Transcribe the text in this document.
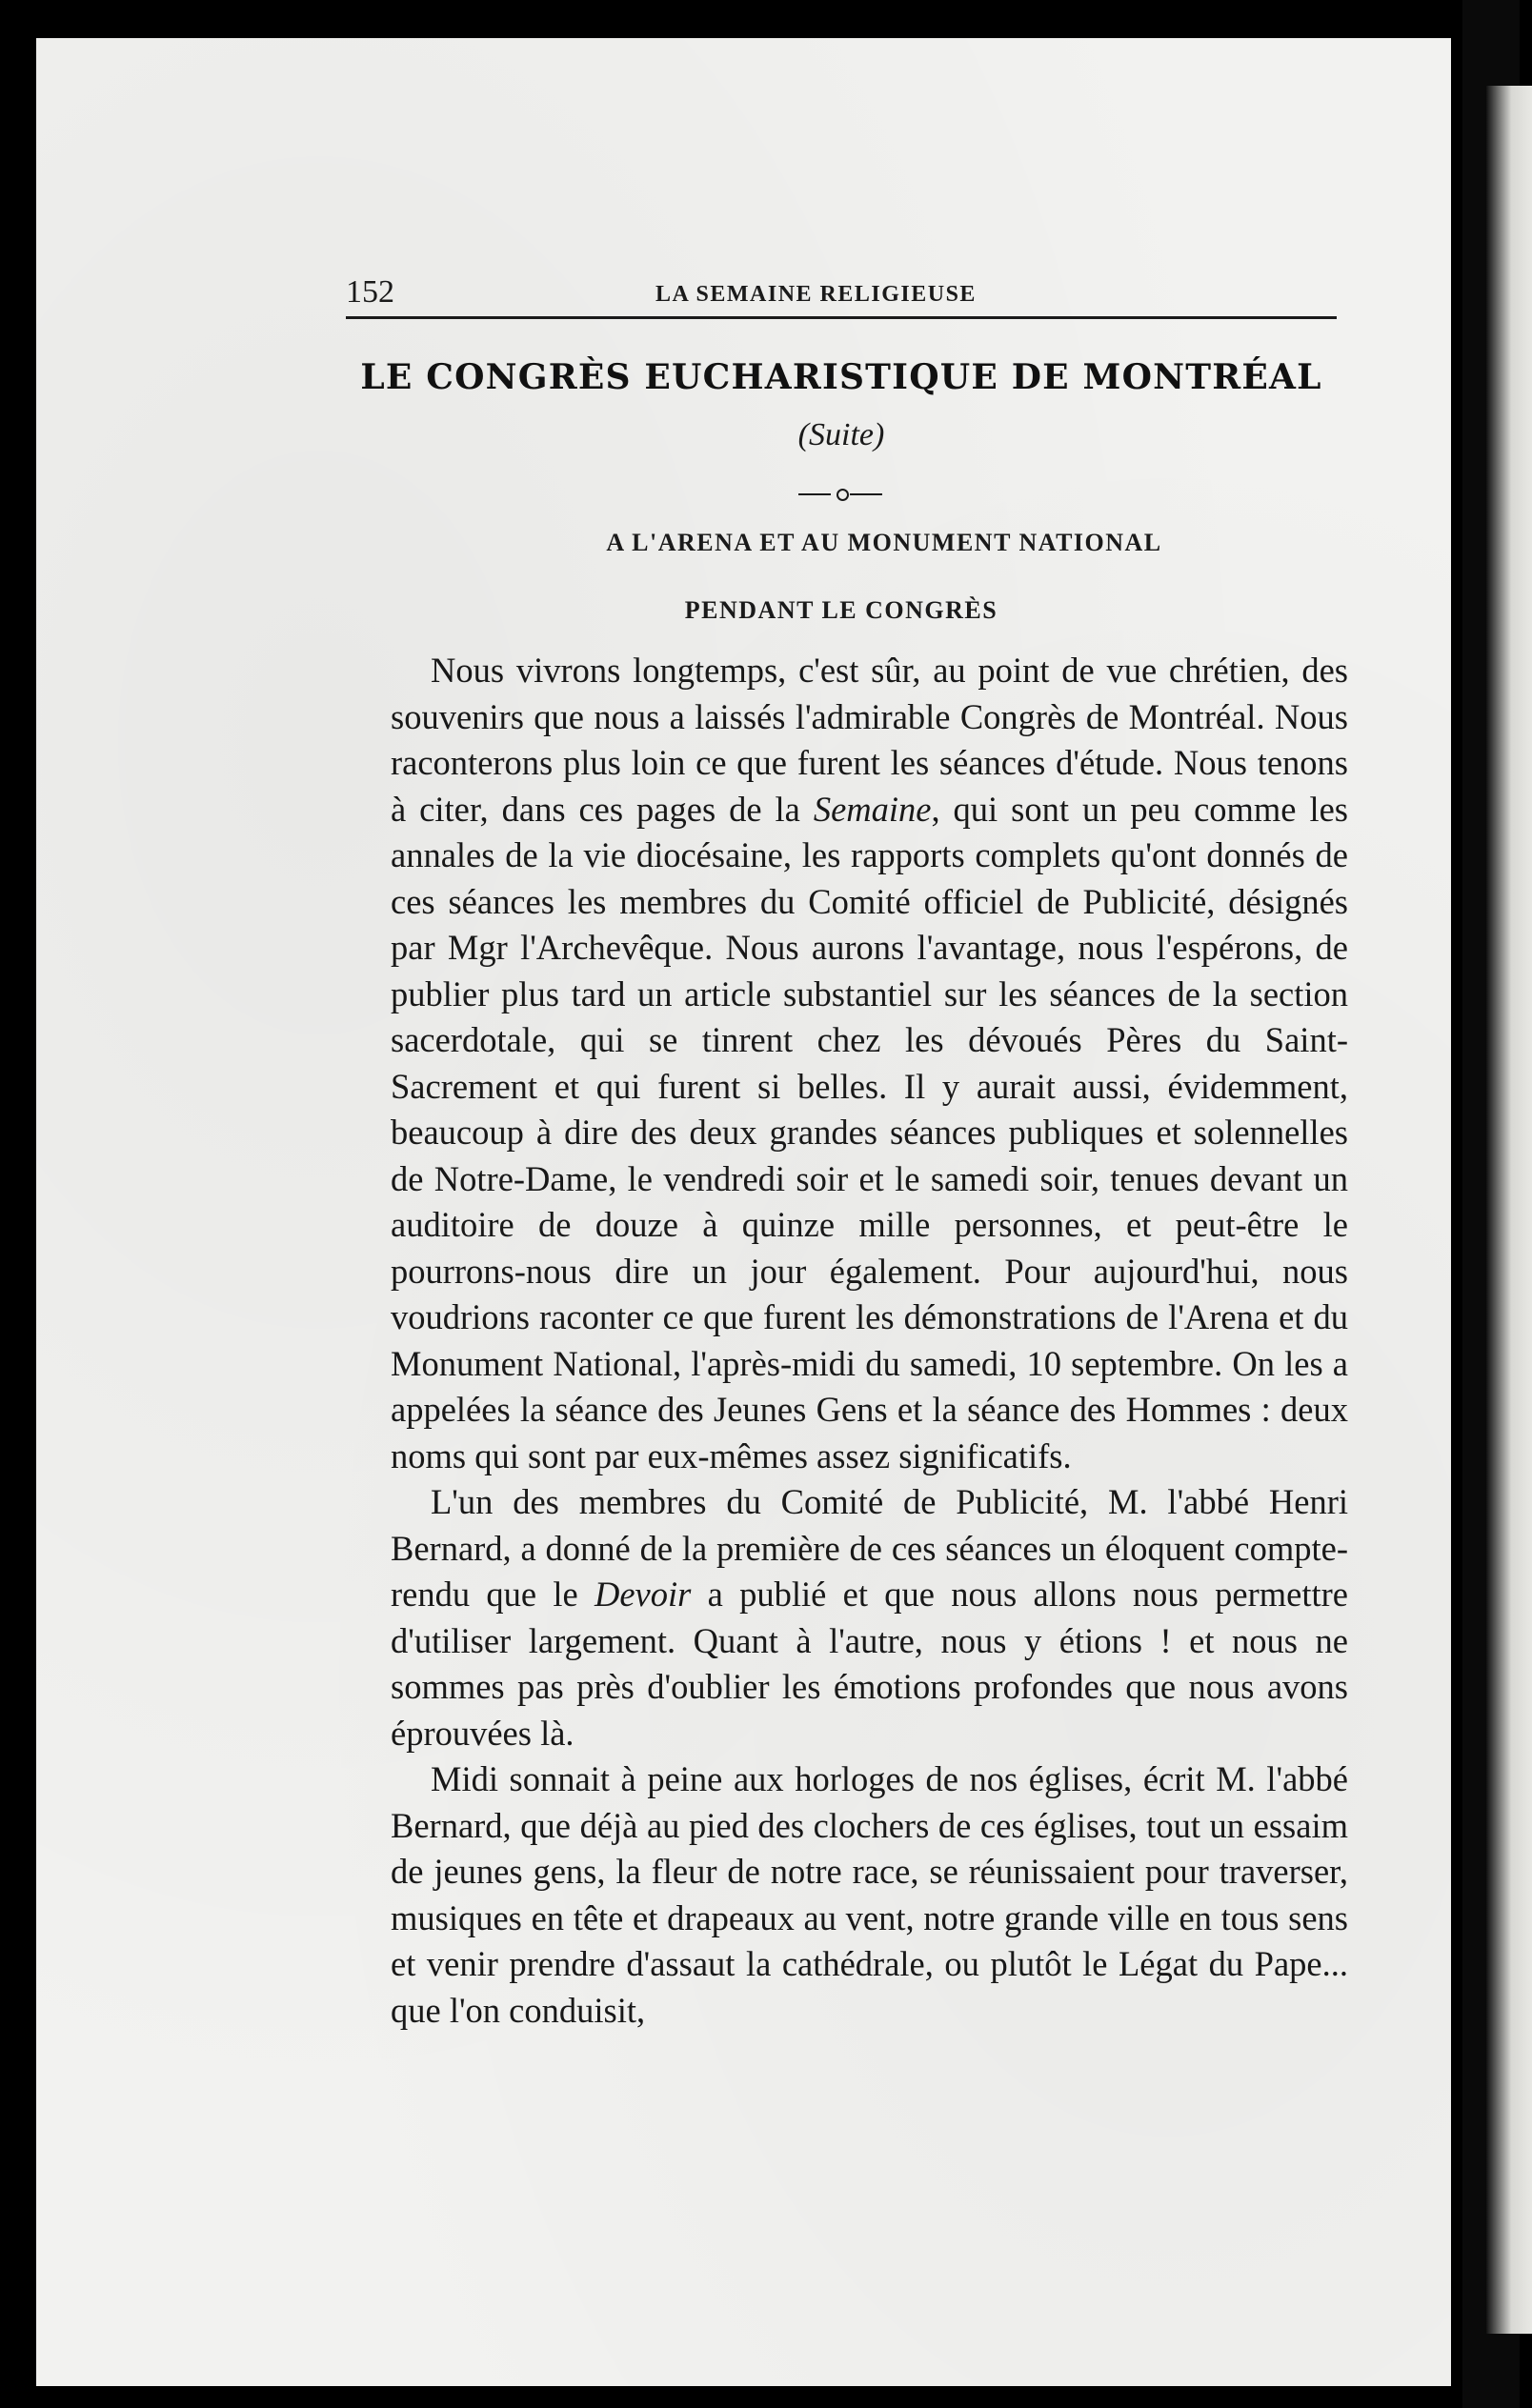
152	LA SEMAINE RELIGIEUSE
LE CONGRÈS EUCHARISTIQUE DE MONTRÉAL
(Suite)
A L'ARENA ET AU MONUMENT NATIONAL
PENDANT LE CONGRÈS

Nous vivrons longtemps, c'est sûr, au point de vue chrétien, des souvenirs que nous a laissés l'admirable Congrès de Montréal. Nous raconterons plus loin ce que furent les séances d'étude. Nous tenons à citer, dans ces pages de la Semaine, qui sont un peu comme les annales de la vie diocésaine, les rapports complets qu'ont donnés de ces séances les membres du Comité officiel de Publicité, désignés par Mgr l'Archevêque. Nous aurons l'avantage, nous l'espérons, de publier plus tard un article substantiel sur les séances de la section sacerdotale, qui se tinrent chez les dévoués Pères du Saint-Sacrement et qui furent si belles. Il y aurait aussi, évidemment, beaucoup à dire des deux grandes séances publiques et solennelles de Notre-Dame, le vendredi soir et le samedi soir, tenues devant un auditoire de douze à quinze mille personnes, et peut-être le pourrons-nous dire un jour également. Pour aujourd'hui, nous voudrions raconter ce que furent les démonstrations de l'Arena et du Monument National, l'après-midi du samedi, 10 septembre. On les a appelées la séance des Jeunes Gens et la séance des Hommes : deux noms qui sont par eux-mêmes assez significatifs.

L'un des membres du Comité de Publicité, M. l'abbé Henri Bernard, a donné de la première de ces séances un éloquent compte-rendu que le Devoir a publié et que nous allons nous permettre d'utiliser largement. Quant à l'autre, nous y étions ! et nous ne sommes pas près d'oublier les émotions profondes que nous avons éprouvées là.

Midi sonnait à peine aux horloges de nos églises, écrit M. l'abbé Bernard, que déjà au pied des clochers de ces églises, tout un essaim de jeunes gens, la fleur de notre race, se réunissaient pour traverser, musiques en tête et drapeaux au vent, notre grande ville en tous sens et venir prendre d'assaut la cathédrale, ou plutôt le Légat du Pape... que l'on conduisit,
